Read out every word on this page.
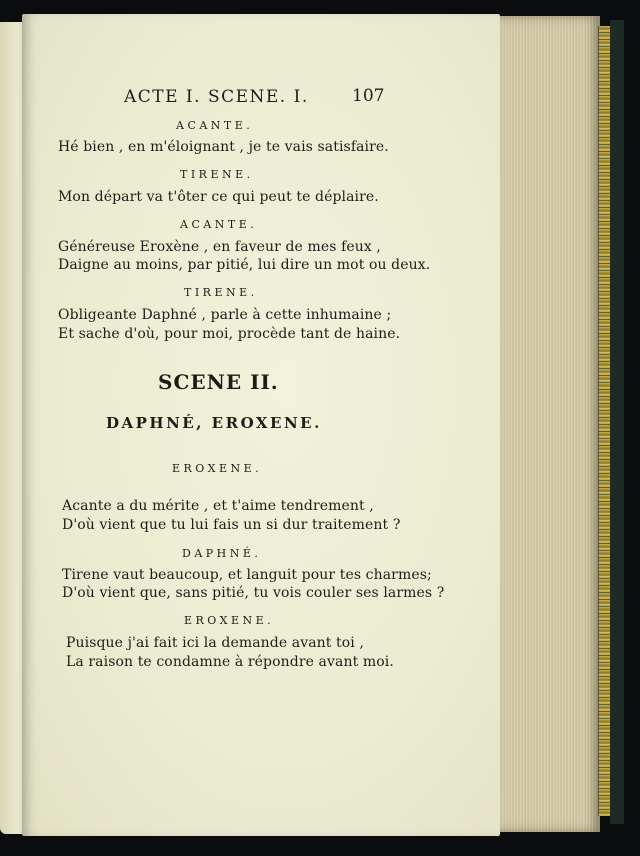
ACTE I. SCENE. I.	107
ACANTE.
Hé bien , en m'éloignant , je te vais satisfaire.
TIRENE.
Mon départ va t'ôter ce qui peut te déplaire.
ACANTE.
Généreuse Eroxène , en faveur de mes feux ,
Daigne au moins, par pitié, lui dire un mot ou deux.
TIRENE.
Obligeante Daphné , parle à cette inhumaine ;
Et sache d'où, pour moi, procède tant de haine.
SCENE II.
DAPHNÉ, EROXENE.
EROXENE.
Acante a du mérite , et t'aime tendrement ,
D'où vient que tu lui fais un si dur traitement ?
DAPHNÉ.
Tirene vaut beaucoup, et languit pour tes charmes;
D'où vient que, sans pitié, tu vois couler ses larmes ?
EROXENE.
Puisque j'ai fait ici la demande avant toi ,
La raison te condamne à répondre avant moi.
